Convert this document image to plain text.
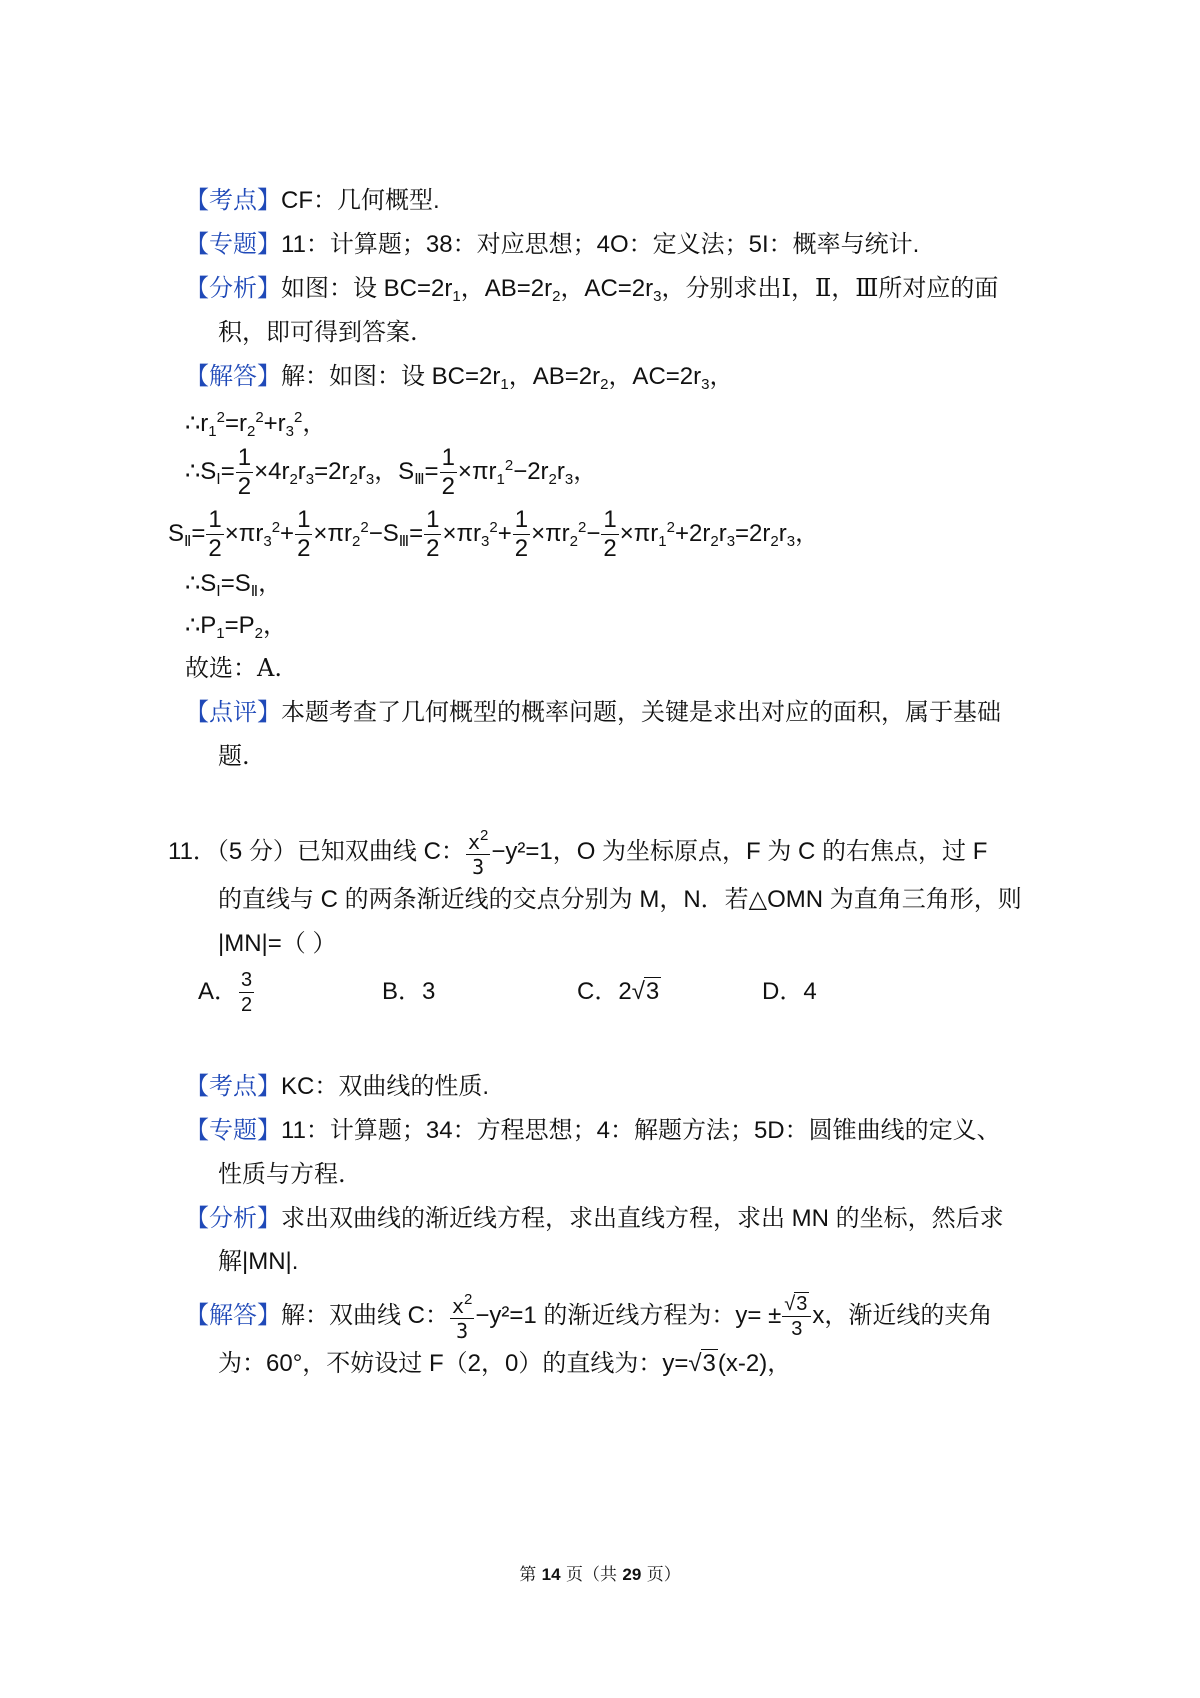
【考点】CF：几何概型.
【专题】11：计算题；38：对应思想；4O：定义法；5I：概率与统计.
【分析】如图：设 $BC=2r_1$，$AB=2r_2$，$AC=2r_3$，分别求出Ⅰ，Ⅱ，Ⅲ所对应的面
积，即可得到答案.
【解答】解：如图：设 $BC=2r_1$，$AB=2r_2$，$AC=2r_3$，
$\therefore r_1^2=r_2^2+r_3^2$，
$\therefore S_Ⅰ= \frac{1}{2} \times 4r_2r_3=2r_2r_3$，$S_Ⅲ= \frac{1}{2} \times\pi r_1^2-2r_2r_3$，
$S_Ⅱ= \frac{1}{2} \times\pi r_3^2+ \frac{1}{2} \times\pi r_2^2-S_Ⅲ= \frac{1}{2} \times\pi r_3^2+ \frac{1}{2} \times\pi r_2^2- \frac{1}{2} \times\pi r_1^2+2r_2r_3=2r_2r_3$，
$\therefore S_Ⅰ=S_Ⅱ$，
$\therefore P_1=P_2$，
故选：A.
【点评】本题考查了几何概型的概率问题，关键是求出对应的面积，属于基础
题.
11．（5 分）已知双曲线 C： $\frac{x^2}{3} -y^2=1$，O 为坐标原点，F 为 C 的右焦点，过 F
的直线与 C 的两条渐近线的交点分别为 M，N．若△OMN 为直角三角形，则
|MN|=（ ）
A． $\frac{3}{2}$	B．3	C．2√3	D．4
【考点】KC：双曲线的性质.
【专题】11：计算题；34：方程思想；4：解题方法；5D：圆锥曲线的定义、
性质与方程.
【分析】求出双曲线的渐近线方程，求出直线方程，求出 MN 的坐标，然后求
解|MN|.
【解答】解：双曲线 C： $\frac{x^2}{3} -y^2=1$ 的渐近线方程为：$y= \pm \frac{√3}{3}$ x，渐近线的夹角
为：60°，不妨设过 F（2，0）的直线为：y=√3(x-2)，
第 14 页（共 29 页）
